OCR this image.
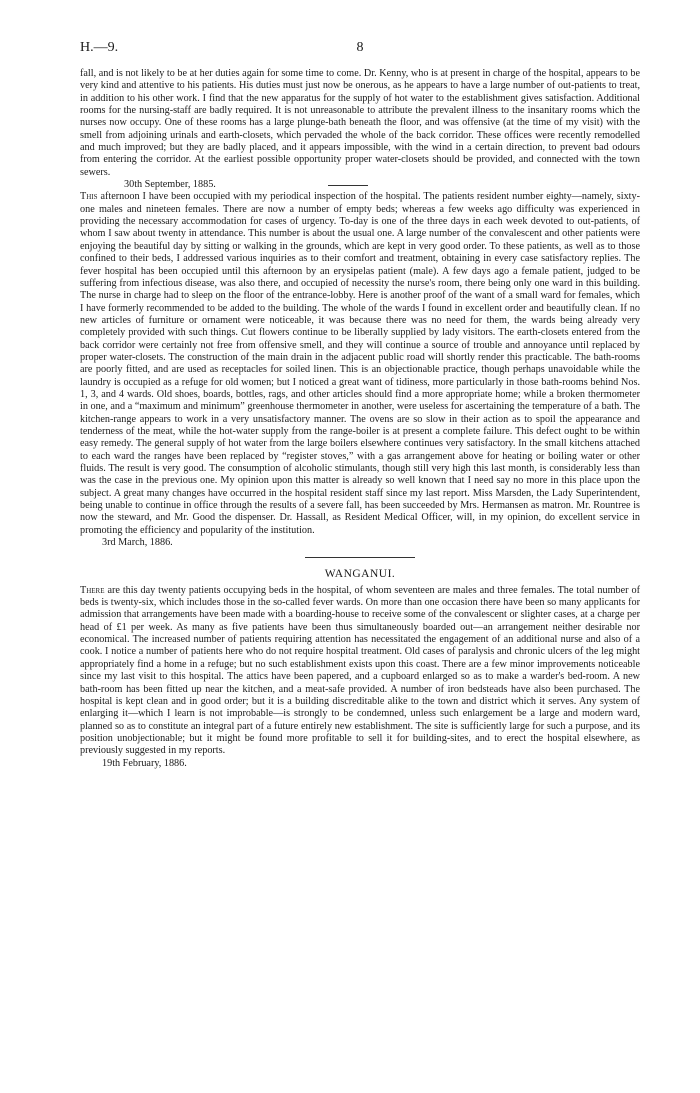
H.—9.	8

fall, and is not likely to be at her duties again for some time to come. Dr. Kenny, who is at present in charge of the hospital, appears to be very kind and attentive to his patients. His duties must just now be onerous, as he appears to have a large number of out-patients to treat, in addition to his other work. I find that the new apparatus for the supply of hot water to the establishment gives satisfaction. Additional rooms for the nursing-staff are badly required. It is not unreasonable to attribute the prevalent illness to the insanitary rooms which the nurses now occupy. One of these rooms has a large plunge-bath beneath the floor, and was offensive (at the time of my visit) with the smell from adjoining urinals and earth-closets, which pervaded the whole of the back corridor. These offices were recently remodelled and much improved; but they are badly placed, and it appears impossible, with the wind in a certain direction, to prevent bad odours from entering the corridor. At the earliest possible opportunity proper water-closets should be provided, and connected with the town sewers.

30th September, 1885.

This afternoon I have been occupied with my periodical inspection of the hospital. The patients resident number eighty—namely, sixty-one males and nineteen females. There are now a number of empty beds; whereas a few weeks ago difficulty was experienced in providing the necessary accommodation for cases of urgency. To-day is one of the three days in each week devoted to out-patients, of whom I saw about twenty in attendance. This number is about the usual one. A large number of the convalescent and other patients were enjoying the beautiful day by sitting or walking in the grounds, which are kept in very good order. To these patients, as well as to those confined to their beds, I addressed various inquiries as to their comfort and treatment, obtaining in every case satisfactory replies. The fever hospital has been occupied until this afternoon by an erysipelas patient (male). A few days ago a female patient, judged to be suffering from infectious disease, was also there, and occupied of necessity the nurse's room, there being only one ward in this building. The nurse in charge had to sleep on the floor of the entrance-lobby. Here is another proof of the want of a small ward for females, which I have formerly recommended to be added to the building. The whole of the wards I found in excellent order and beautifully clean. If no new articles of furniture or ornament were noticeable, it was because there was no need for them, the wards being already very completely provided with such things. Cut flowers continue to be liberally supplied by lady visitors. The earth-closets entered from the back corridor were certainly not free from offensive smell, and they will continue a source of trouble and annoyance until replaced by proper water-closets. The construction of the main drain in the adjacent public road will shortly render this practicable. The bath-rooms are poorly fitted, and are used as receptacles for soiled linen. This is an objectionable practice, though perhaps unavoidable while the laundry is occupied as a refuge for old women; but I noticed a great want of tidiness, more particularly in those bath-rooms behind Nos. 1, 3, and 4 wards. Old shoes, boards, bottles, rags, and other articles should find a more appropriate home; while a broken thermometer in one, and a “maximum and minimum” greenhouse thermometer in another, were useless for ascertaining the temperature of a bath. The kitchen-range appears to work in a very unsatisfactory manner. The ovens are so slow in their action as to spoil the appearance and tenderness of the meat, while the hot-water supply from the range-boiler is at present a complete failure. This defect ought to be within easy remedy. The general supply of hot water from the large boilers elsewhere continues very satisfactory. In the small kitchens attached to each ward the ranges have been replaced by “register stoves,” with a gas arrangement above for heating or boiling water or other fluids. The result is very good. The consumption of alcoholic stimulants, though still very high this last month, is considerably less than was the case in the previous one. My opinion upon this matter is already so well known that I need say no more in this place upon the subject. A great many changes have occurred in the hospital resident staff since my last report. Miss Marsden, the Lady Superintendent, being unable to continue in office through the results of a severe fall, has been succeeded by Mrs. Hermansen as matron. Mr. Rountree is now the steward, and Mr. Good the dispenser. Dr. Hassall, as Resident Medical Officer, will, in my opinion, do excellent service in promoting the efficiency and popularity of the institution.

3rd March, 1886.

WANGANUI.

There are this day twenty patients occupying beds in the hospital, of whom seventeen are males and three females. The total number of beds is twenty-six, which includes those in the so-called fever wards. On more than one occasion there have been so many applicants for admission that arrangements have been made with a boarding-house to receive some of the convalescent or slighter cases, at a charge per head of £1 per week. As many as five patients have been thus simultaneously boarded out—an arrangement neither desirable nor economical. The increased number of patients requiring attention has necessitated the engagement of an additional nurse and also of a cook. I notice a number of patients here who do not require hospital treatment. Old cases of paralysis and chronic ulcers of the leg might appropriately find a home in a refuge; but no such establishment exists upon this coast. There are a few minor improvements noticeable since my last visit to this hospital. The attics have been papered, and a cupboard enlarged so as to make a warder's bed-room. A new bath-room has been fitted up near the kitchen, and a meat-safe provided. A number of iron bedsteads have also been purchased. The hospital is kept clean and in good order; but it is a building discreditable alike to the town and district which it serves. Any system of enlarging it—which I learn is not improbable—is strongly to be condemned, unless such enlargement be a large and modern ward, planned so as to constitute an integral part of a future entirely new establishment. The site is sufficiently large for such a purpose, and its position unobjectionable; but it might be found more profitable to sell it for building-sites, and to erect the hospital elsewhere, as previously suggested in my reports.

19th February, 1886.
